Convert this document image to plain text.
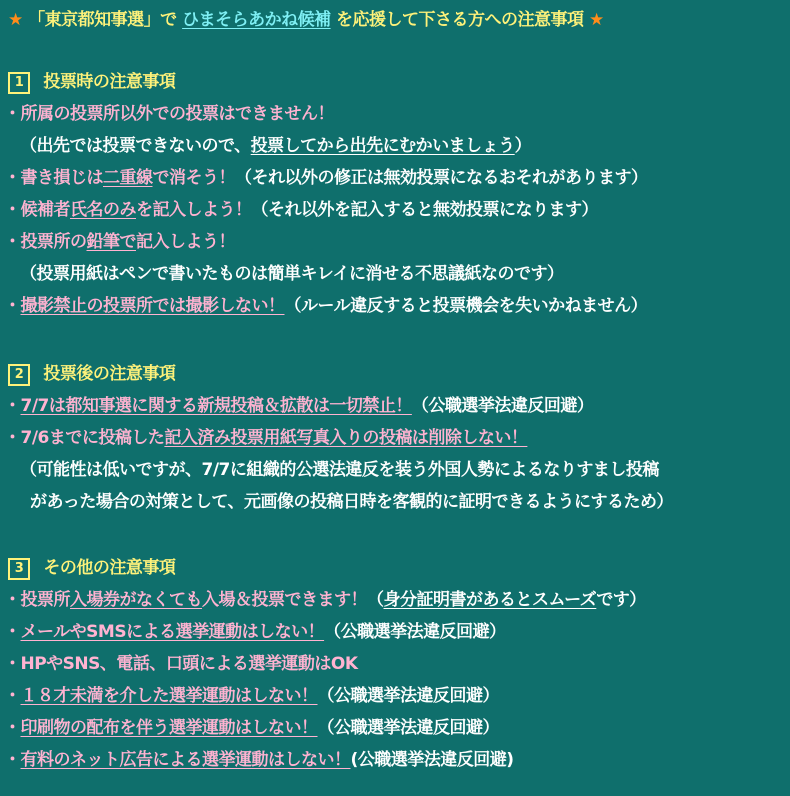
★ 「東京都知事選」で ひまそらあかね候補 を応援して下さる方への注意事項 ★
1 投票時の注意事項
・所属の投票所以外での投票はできません！
（出先では投票できないので、投票してから出先にむかいましょう）
・書き損じは二重線で消そう！（それ以外の修正は無効投票になるおそれがあります）
・候補者氏名のみを記入しよう！（それ以外を記入すると無効投票になります）
・投票所の鉛筆で記入しよう！
（投票用紙はペンで書いたものは簡単キレイに消せる不思議紙なのです）
・撮影禁止の投票所では撮影しない！（ルール違反すると投票機会を失いかねません）
2 投票後の注意事項
・7/7は都知事選に関する新規投稿＆拡散は一切禁止！（公職選挙法違反回避）
・7/6までに投稿した記入済み投票用紙写真入りの投稿は削除しない！
（可能性は低いですが、7/7に組織的公選法違反を装う外国人勢によるなりすまし投稿
があった場合の対策として、元画像の投稿日時を客観的に証明できるようにするため）
3 その他の注意事項
・投票所入場券がなくても入場＆投票できます！（身分証明書があるとスムーズです）
・メールやSMSによる選挙運動はしない！（公職選挙法違反回避）
・HPやSNS、電話、口頭による選挙運動はOK
・１８才未満を介した選挙運動はしない！（公職選挙法違反回避）
・印刷物の配布を伴う選挙運動はしない！（公職選挙法違反回避）
・有料のネット広告による選挙運動はしない！(公職選挙法違反回避)
